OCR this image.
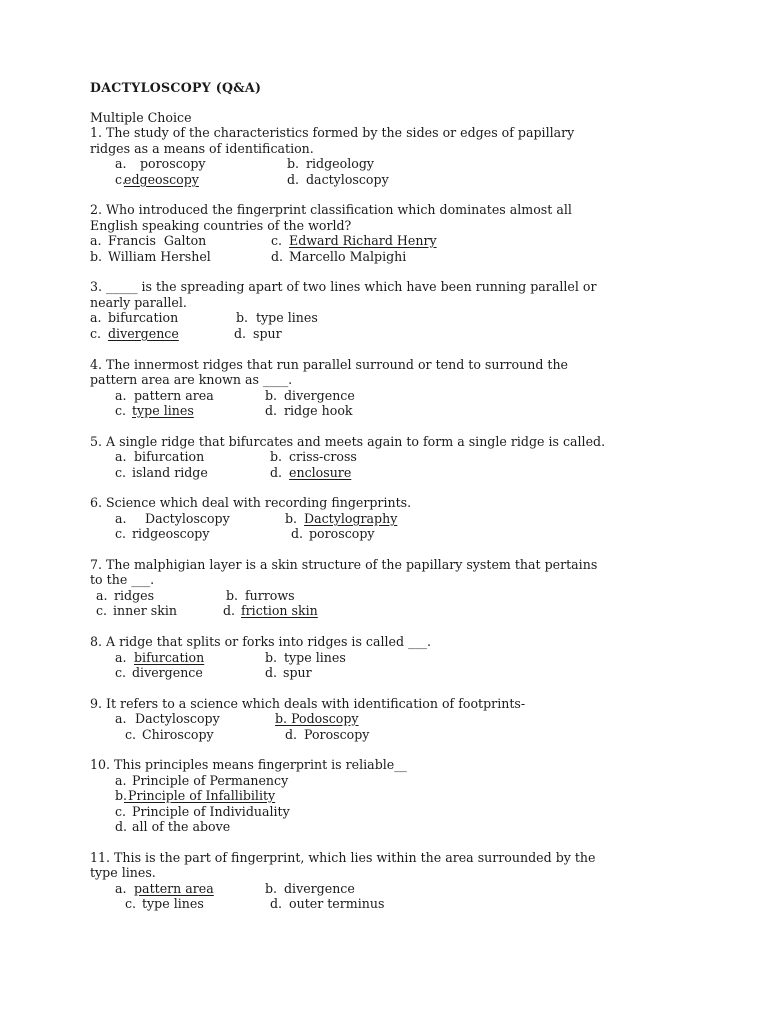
DACTYLOSCOPY (Q&A)
Multiple Choice
1. The study of the characteristics formed by the sides or edges of papillary
ridges as a means of identification.
a. poroscopy	b. ridgeology
c.
edgeoscopy	d. dactyloscopy
2. Who introduced the fingerprint classification which dominates almost all
English speaking countries of the world?
a. Francis  Galton	c. Edward Richard Henry
b. William Hershel	d. Marcello Malpighi
3. _____ is the spreading apart of two lines which have been running parallel or
nearly parallel.
a. bifurcation	b. type lines
c. divergence	d. spur
4. The innermost ridges that run parallel surround or tend to surround the
pattern area are known as ____.
a. pattern area	b. divergence
c. type lines	d. ridge hook
5. A single ridge that bifurcates and meets again to form a single ridge is called.
a. bifurcation	b. criss-cross
c. island ridge	d. enclosure
6. Science which deal with recording fingerprints.
a. Dactyloscopy	b. Dactylography
c. ridgeoscopy	d. poroscopy
7. The malphigian layer is a skin structure of the papillary system that pertains
to the ___.
a. ridges	b. furrows
c. inner skin	d. friction skin
8. A ridge that splits or forks into ridges is called ___.
a. bifurcation	b. type lines
c. divergence	d. spur
9. It refers to a science which deals with identification of footprints-
a. Dactyloscopy	b. Podoscopy
c. Chiroscopy	d. Poroscopy
10. This principles means fingerprint is reliable__
a. Principle of Permanency
b.
Principle of Infallibility
c. Principle of Individuality
d. all of the above
11. This is the part of fingerprint, which lies within the area surrounded by the
type lines.
a. pattern area	b. divergence
c. type lines	d. outer terminus
